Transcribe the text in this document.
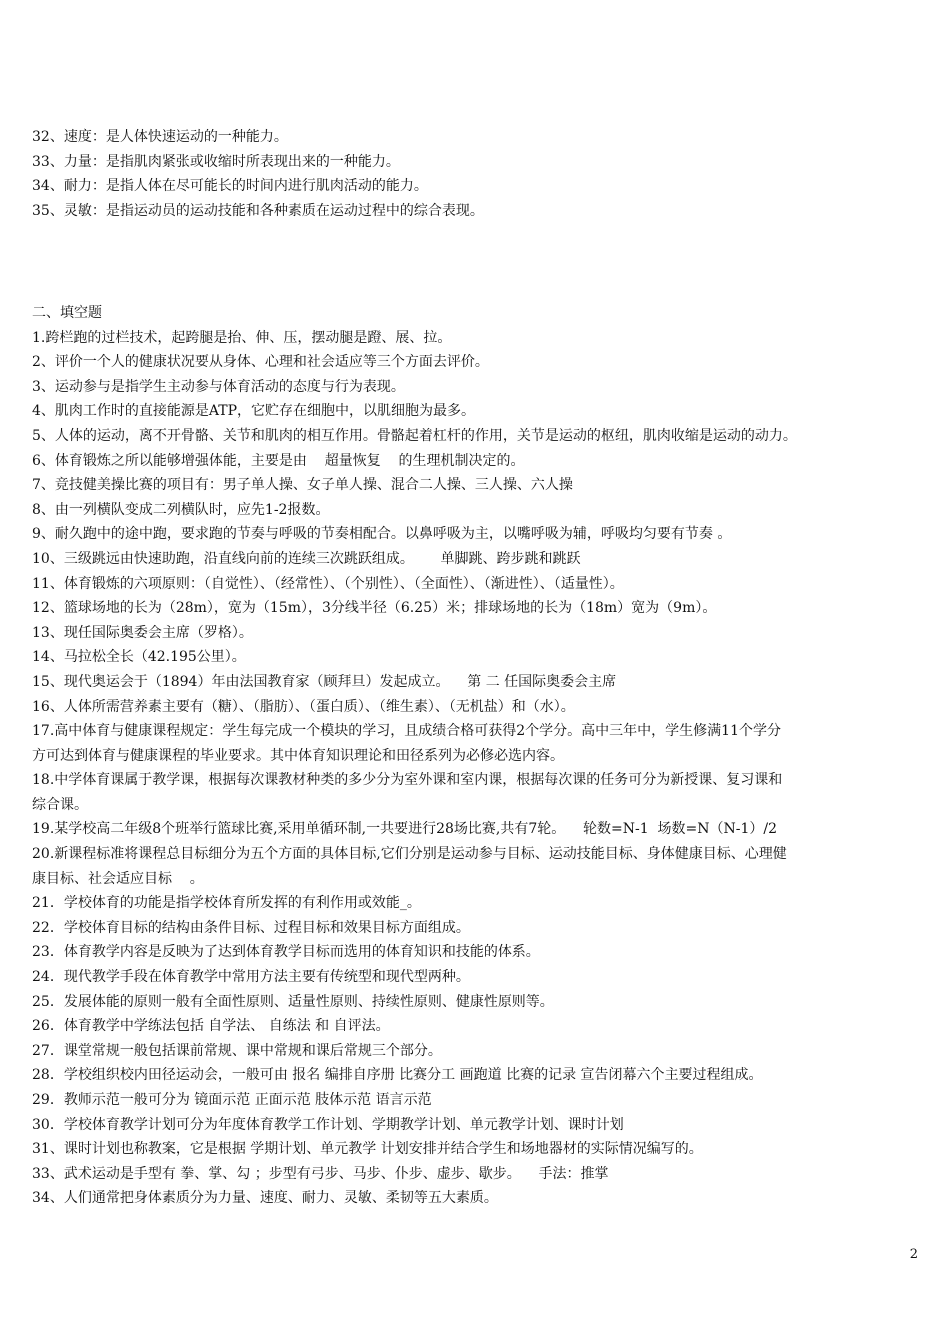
32、速度：是人体快速运动的一种能力。

33、力量：是指肌肉紧张或收缩时所表现出来的一种能力。

34、耐力：是指人体在尽可能长的时间内进行肌肉活动的能力。

35、灵敏：是指运动员的运动技能和各种素质在运动过程中的综合表现。

二、填空题

1.跨栏跑的过栏技术，起跨腿是抬、伸、压，摆动腿是蹬、展、拉。

2、评价一个人的健康状况要从身体、心理和社会适应等三个方面去评价。

3、运动参与是指学生主动参与体育活动的态度与行为表现。

4、肌肉工作时的直接能源是ATP，它贮存在细胞中，以肌细胞为最多。

5、人体的运动，离不开骨骼、关节和肌肉的相互作用。骨骼起着杠杆的作用，关节是运动的枢纽，肌肉收缩是运动的动力。

6、体育锻炼之所以能够增强体能，主要是由    超量恢复    的生理机制决定的。

7、竞技健美操比赛的项目有：男子单人操、女子单人操、混合二人操、三人操、六人操

8、由一列横队变成二列横队时，应先1-2报数。

9、耐久跑中的途中跑，要求跑的节奏与呼吸的节奏相配合。以鼻呼吸为主，以嘴呼吸为辅，呼吸均匀要有节奏 。

10、三级跳远由快速助跑，沿直线向前的连续三次跳跃组成。      单脚跳、跨步跳和跳跃

11、体育锻炼的六项原则：（自觉性）、（经常性）、（个别性）、（全面性）、（渐进性）、（适量性）。

12、篮球场地的长为（28m），宽为（15m），3分线半径（6.25）米；排球场地的长为（18m）宽为（9m）。

13、现任国际奥委会主席（罗格）。

14、马拉松全长（42.195公里）。

15、现代奥运会于（1894）年由法国教育家（顾拜旦）发起成立。    第 二 任国际奥委会主席

16、人体所需营养素主要有（糖）、（脂肪）、（蛋白质）、（维生素）、（无机盐）和（水）。

17.高中体育与健康课程规定：学生每完成一个模块的学习，且成绩合格可获得2个学分。高中三年中，学生修满11个学分

方可达到体育与健康课程的毕业要求。其中体育知识理论和田径系列为必修必选内容。

18.中学体育课属于教学课，根据每次课教材种类的多少分为室外课和室内课，根据每次课的任务可分为新授课、复习课和

综合课。

19.某学校高二年级8个班举行篮球比赛,采用单循环制,一共要进行28场比赛,共有7轮。    轮数=N-1  场数=N（N-1）/2

20.新课程标准将课程总目标细分为五个方面的具体目标,它们分别是运动参与目标、运动技能目标、身体健康目标、心理健

康目标、社会适应目标    。

21．学校体育的功能是指学校体育所发挥的有利作用或效能_。

22．学校体育目标的结构由条件目标、过程目标和效果目标方面组成。

23．体育教学内容是反映为了达到体育教学目标而选用的体育知识和技能的体系。

24．现代教学手段在体育教学中常用方法主要有传统型和现代型两种。

25．发展体能的原则一般有全面性原则、适量性原则、持续性原则、健康性原则等。

26．体育教学中学练法包括 自学法、 自练法 和 自评法。

27．课堂常规一般包括课前常规、课中常规和课后常规三个部分。

28．学校组织校内田径运动会，一般可由 报名 编排自序册 比赛分工 画跑道 比赛的记录 宣告闭幕六个主要过程组成。

29．教师示范一般可分为 镜面示范 正面示范 肢体示范 语言示范

30．学校体育教学计划可分为年度体育教学工作计划、学期教学计划、单元教学计划、课时计划

31、课时计划也称教案，它是根据 学期计划、单元教学 计划安排并结合学生和场地器材的实际情况编写的。

33、武术运动是手型有 拳、掌、勾 ；步型有弓步、马步、仆步、虚步、歇步。    手法：推掌

34、人们通常把身体素质分为力量、速度、耐力、灵敏、柔韧等五大素质。

2
